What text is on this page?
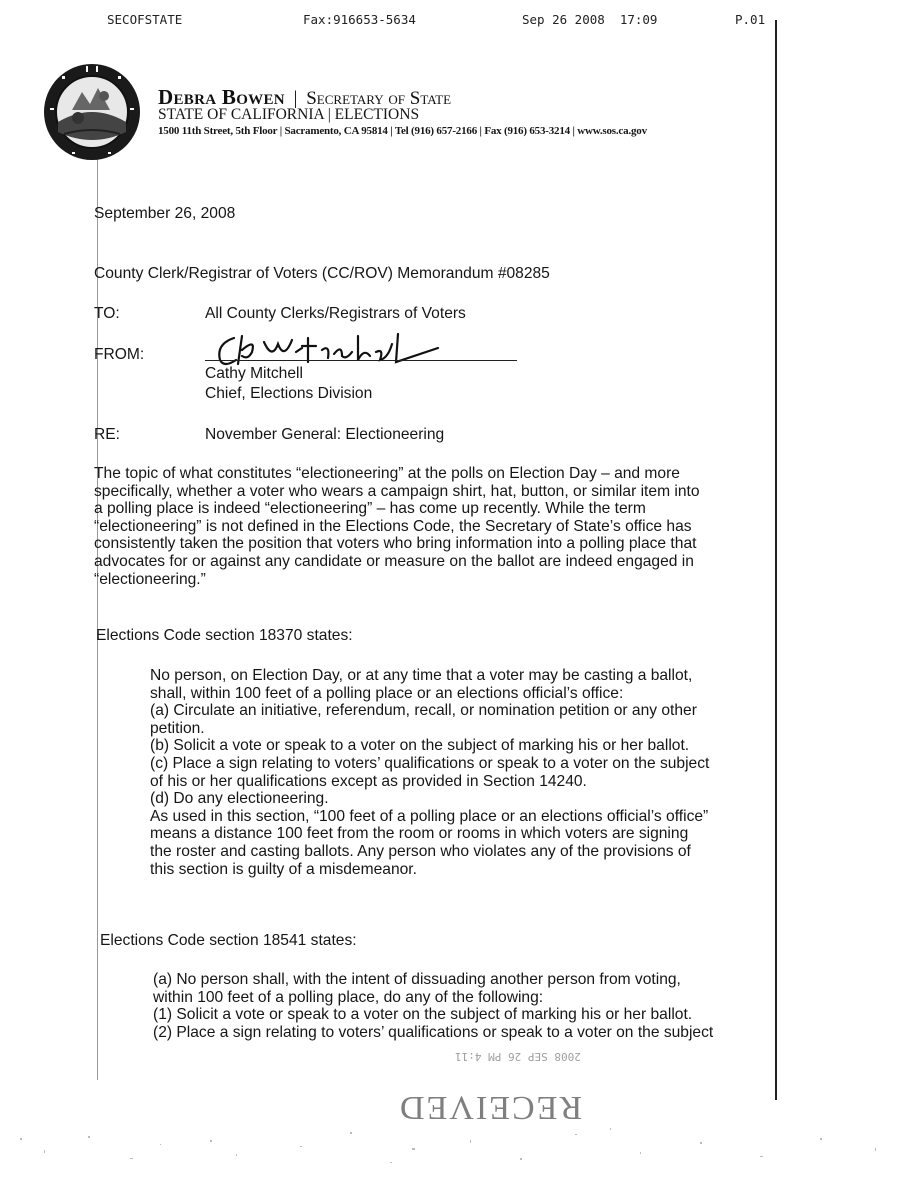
SECOFSTATE	Fax:916653-5634	Sep 26 2008  17:09	P.01
Debra Bowen | Secretary of State
STATE OF CALIFORNIA | ELECTIONS
1500 11th Street, 5th Floor | Sacramento, CA 95814 | Tel (916) 657-2166 | Fax (916) 653-3214 | www.sos.ca.gov
September 26, 2008
County Clerk/Registrar of Voters (CC/ROV) Memorandum #08285
TO:	All County Clerks/Registrars of Voters
FROM:
Cathy Mitchell
Chief, Elections Division
RE:	November General: Electioneering
The topic of what constitutes “electioneering” at the polls on Election Day – and more
specifically, whether a voter who wears a campaign shirt, hat, button, or similar item into
a polling place is indeed “electioneering” – has come up recently. While the term
“electioneering” is not defined in the Elections Code, the Secretary of State’s office has
consistently taken the position that voters who bring information into a polling place that
advocates for or against any candidate or measure on the ballot are indeed engaged in
“electioneering.”
Elections Code section 18370 states:
No person, on Election Day, or at any time that a voter may be casting a ballot,
shall, within 100 feet of a polling place or an elections official’s office:
(a) Circulate an initiative, referendum, recall, or nomination petition or any other
petition.
(b) Solicit a vote or speak to a voter on the subject of marking his or her ballot.
(c) Place a sign relating to voters’ qualifications or speak to a voter on the subject
of his or her qualifications except as provided in Section 14240.
(d) Do any electioneering.
As used in this section, “100 feet of a polling place or an elections official’s office”
means a distance 100 feet from the room or rooms in which voters are signing
the roster and casting ballots. Any person who violates any of the provisions of
this section is guilty of a misdemeanor.
Elections Code section 18541 states:
(a) No person shall, with the intent of dissuading another person from voting,
within 100 feet of a polling place, do any of the following:
(1) Solicit a vote or speak to a voter on the subject of marking his or her ballot.
(2) Place a sign relating to voters’ qualifications or speak to a voter on the subject
2008 SEP 26 PM 4:11
RECEIVED
